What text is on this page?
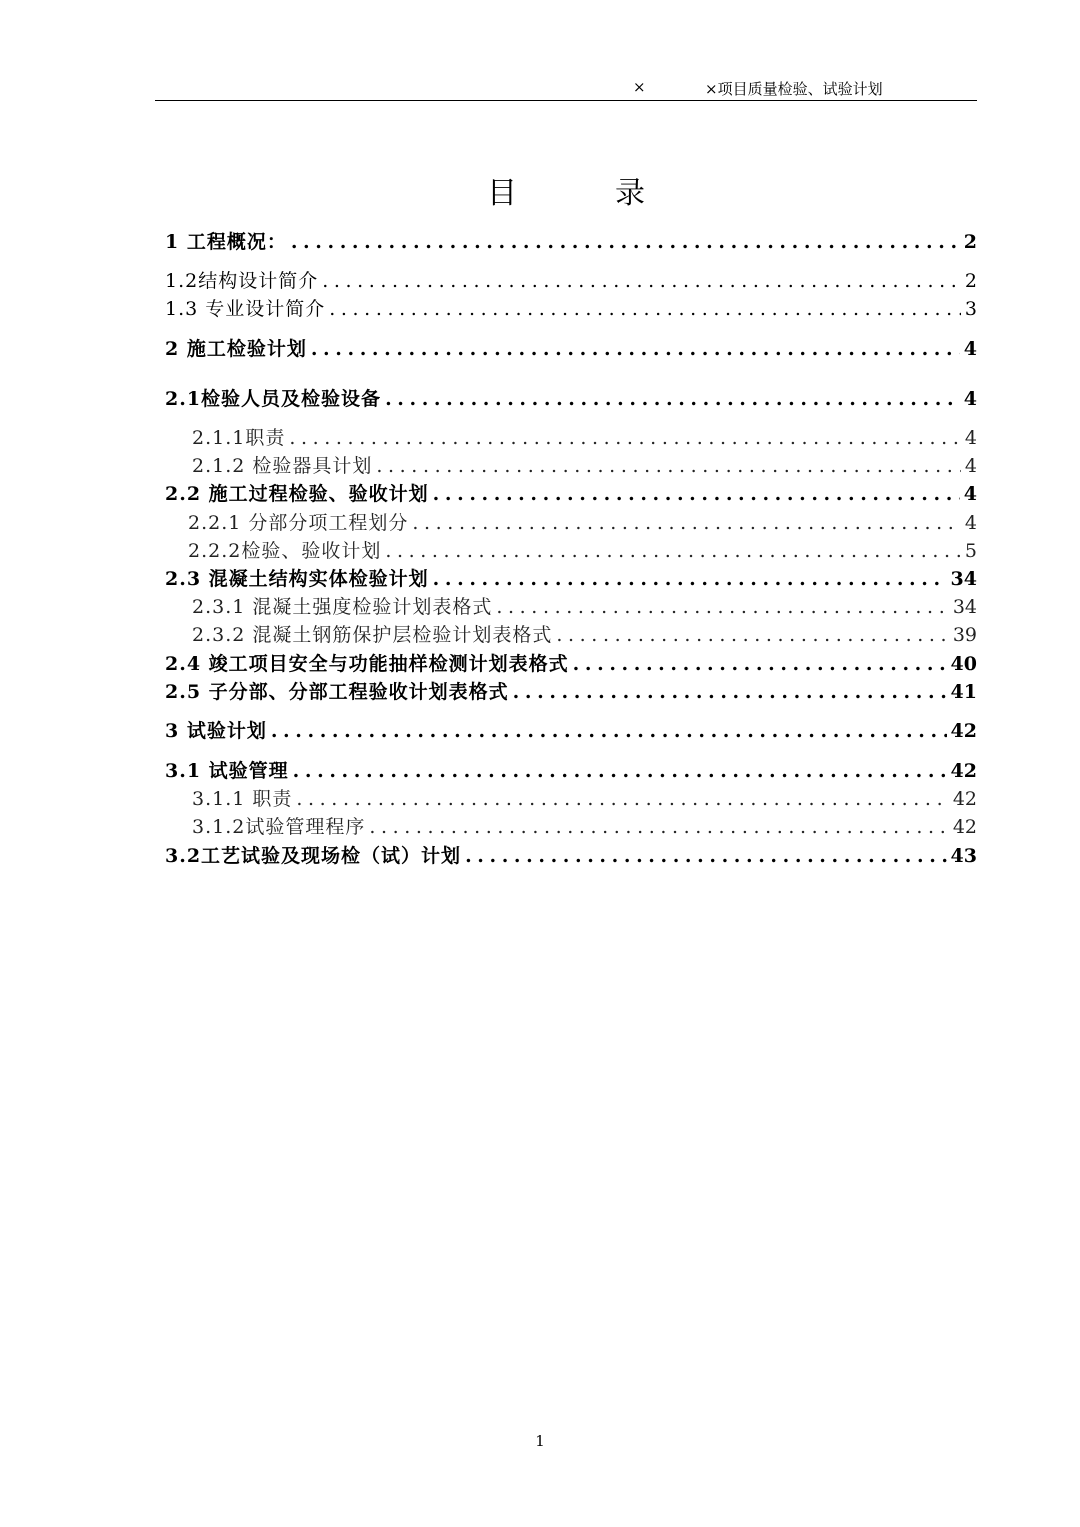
×	×项目质量检验、试验计划
目录
1 工程概况： .....	2
1.2结构设计简介 .....	2
1.3 专业设计简介 .....	3
2 施工检验计划 .....	4
2.1检验人员及检验设备 .....	4
2.1.1职责 .....	4
2.1.2 检验器具计划 .....	4
2.2 施工过程检验、验收计划 .....	4
2.2.1 分部分项工程划分 .....	4
2.2.2检验、验收计划 .....	5
2.3 混凝土结构实体检验计划 .....	34
2.3.1 混凝土强度检验计划表格式 .....	34
2.3.2 混凝土钢筋保护层检验计划表格式 .....	39
2.4 竣工项目安全与功能抽样检测计划表格式 .....	40
2.5 子分部、分部工程验收计划表格式 .....	41
3 试验计划 .....	42
3.1 试验管理 .....	42
3.1.1 职责 .....	42
3.1.2试验管理程序 .....	42
3.2工艺试验及现场检（试）计划 .....	43
1
